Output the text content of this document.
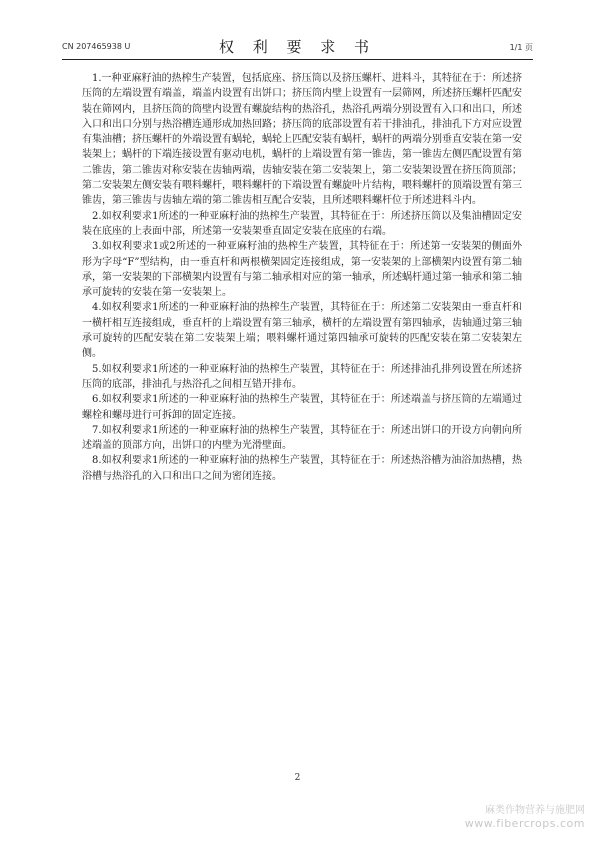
CN 207465938 U	权 利 要 求 书	1/1 页

1.一种亚麻籽油的热榨生产装置，包括底座、挤压筒以及挤压螺杆、进料斗，其特征在于：所述挤压筒的左端设置有端盖，端盖内设置有出饼口；挤压筒内壁上设置有一层筛网，所述挤压螺杆匹配安装在筛网内，且挤压筒的筒壁内设置有螺旋结构的热浴孔，热浴孔两端分别设置有入口和出口，所述入口和出口分别与热浴槽连通形成加热回路；挤压筒的底部设置有若干排油孔，排油孔下方对应设置有集油槽；挤压螺杆的外端设置有蜗轮，蜗轮上匹配安装有蜗杆，蜗杆的两端分别垂直安装在第一安装架上；蜗杆的下端连接设置有驱动电机，蜗杆的上端设置有第一锥齿，第一锥齿左侧匹配设置有第二锥齿，第二锥齿对称安装在齿轴两端，齿轴安装在第二安装架上，第二安装架设置在挤压筒顶部；第二安装架左侧安装有喂料螺杆，喂料螺杆的下端设置有螺旋叶片结构，喂料螺杆的顶端设置有第三锥齿，第三锥齿与齿轴左端的第二锥齿相互配合安装，且所述喂料螺杆位于所述进料斗内。

2.如权利要求1所述的一种亚麻籽油的热榨生产装置，其特征在于：所述挤压筒以及集油槽固定安装在底座的上表面中部，所述第一安装架垂直固定安装在底座的右端。

3.如权利要求1或2所述的一种亚麻籽油的热榨生产装置，其特征在于：所述第一安装架的侧面外形为字母“F”型结构，由一垂直杆和两根横架固定连接组成，第一安装架的上部横架内设置有第二轴承，第一安装架的下部横架内设置有与第二轴承相对应的第一轴承，所述蜗杆通过第一轴承和第二轴承可旋转的安装在第一安装架上。

4.如权利要求1所述的一种亚麻籽油的热榨生产装置，其特征在于：所述第二安装架由一垂直杆和一横杆相互连接组成，垂直杆的上端设置有第三轴承，横杆的左端设置有第四轴承，齿轴通过第三轴承可旋转的匹配安装在第二安装架上端；喂料螺杆通过第四轴承可旋转的匹配安装在第二安装架左侧。

5.如权利要求1所述的一种亚麻籽油的热榨生产装置，其特征在于：所述排油孔排列设置在所述挤压筒的底部，排油孔与热浴孔之间相互错开排布。

6.如权利要求1所述的一种亚麻籽油的热榨生产装置，其特征在于：所述端盖与挤压筒的左端通过螺栓和螺母进行可拆卸的固定连接。

7.如权利要求1所述的一种亚麻籽油的热榨生产装置，其特征在于：所述出饼口的开设方向朝向所述端盖的顶部方向，出饼口的内壁为光滑壁面。

8.如权利要求1所述的一种亚麻籽油的热榨生产装置，其特征在于：所述热浴槽为油浴加热槽，热浴槽与热浴孔的入口和出口之间为密闭连接。

2
麻类作物营养与施肥网
www.fibercrops.com
